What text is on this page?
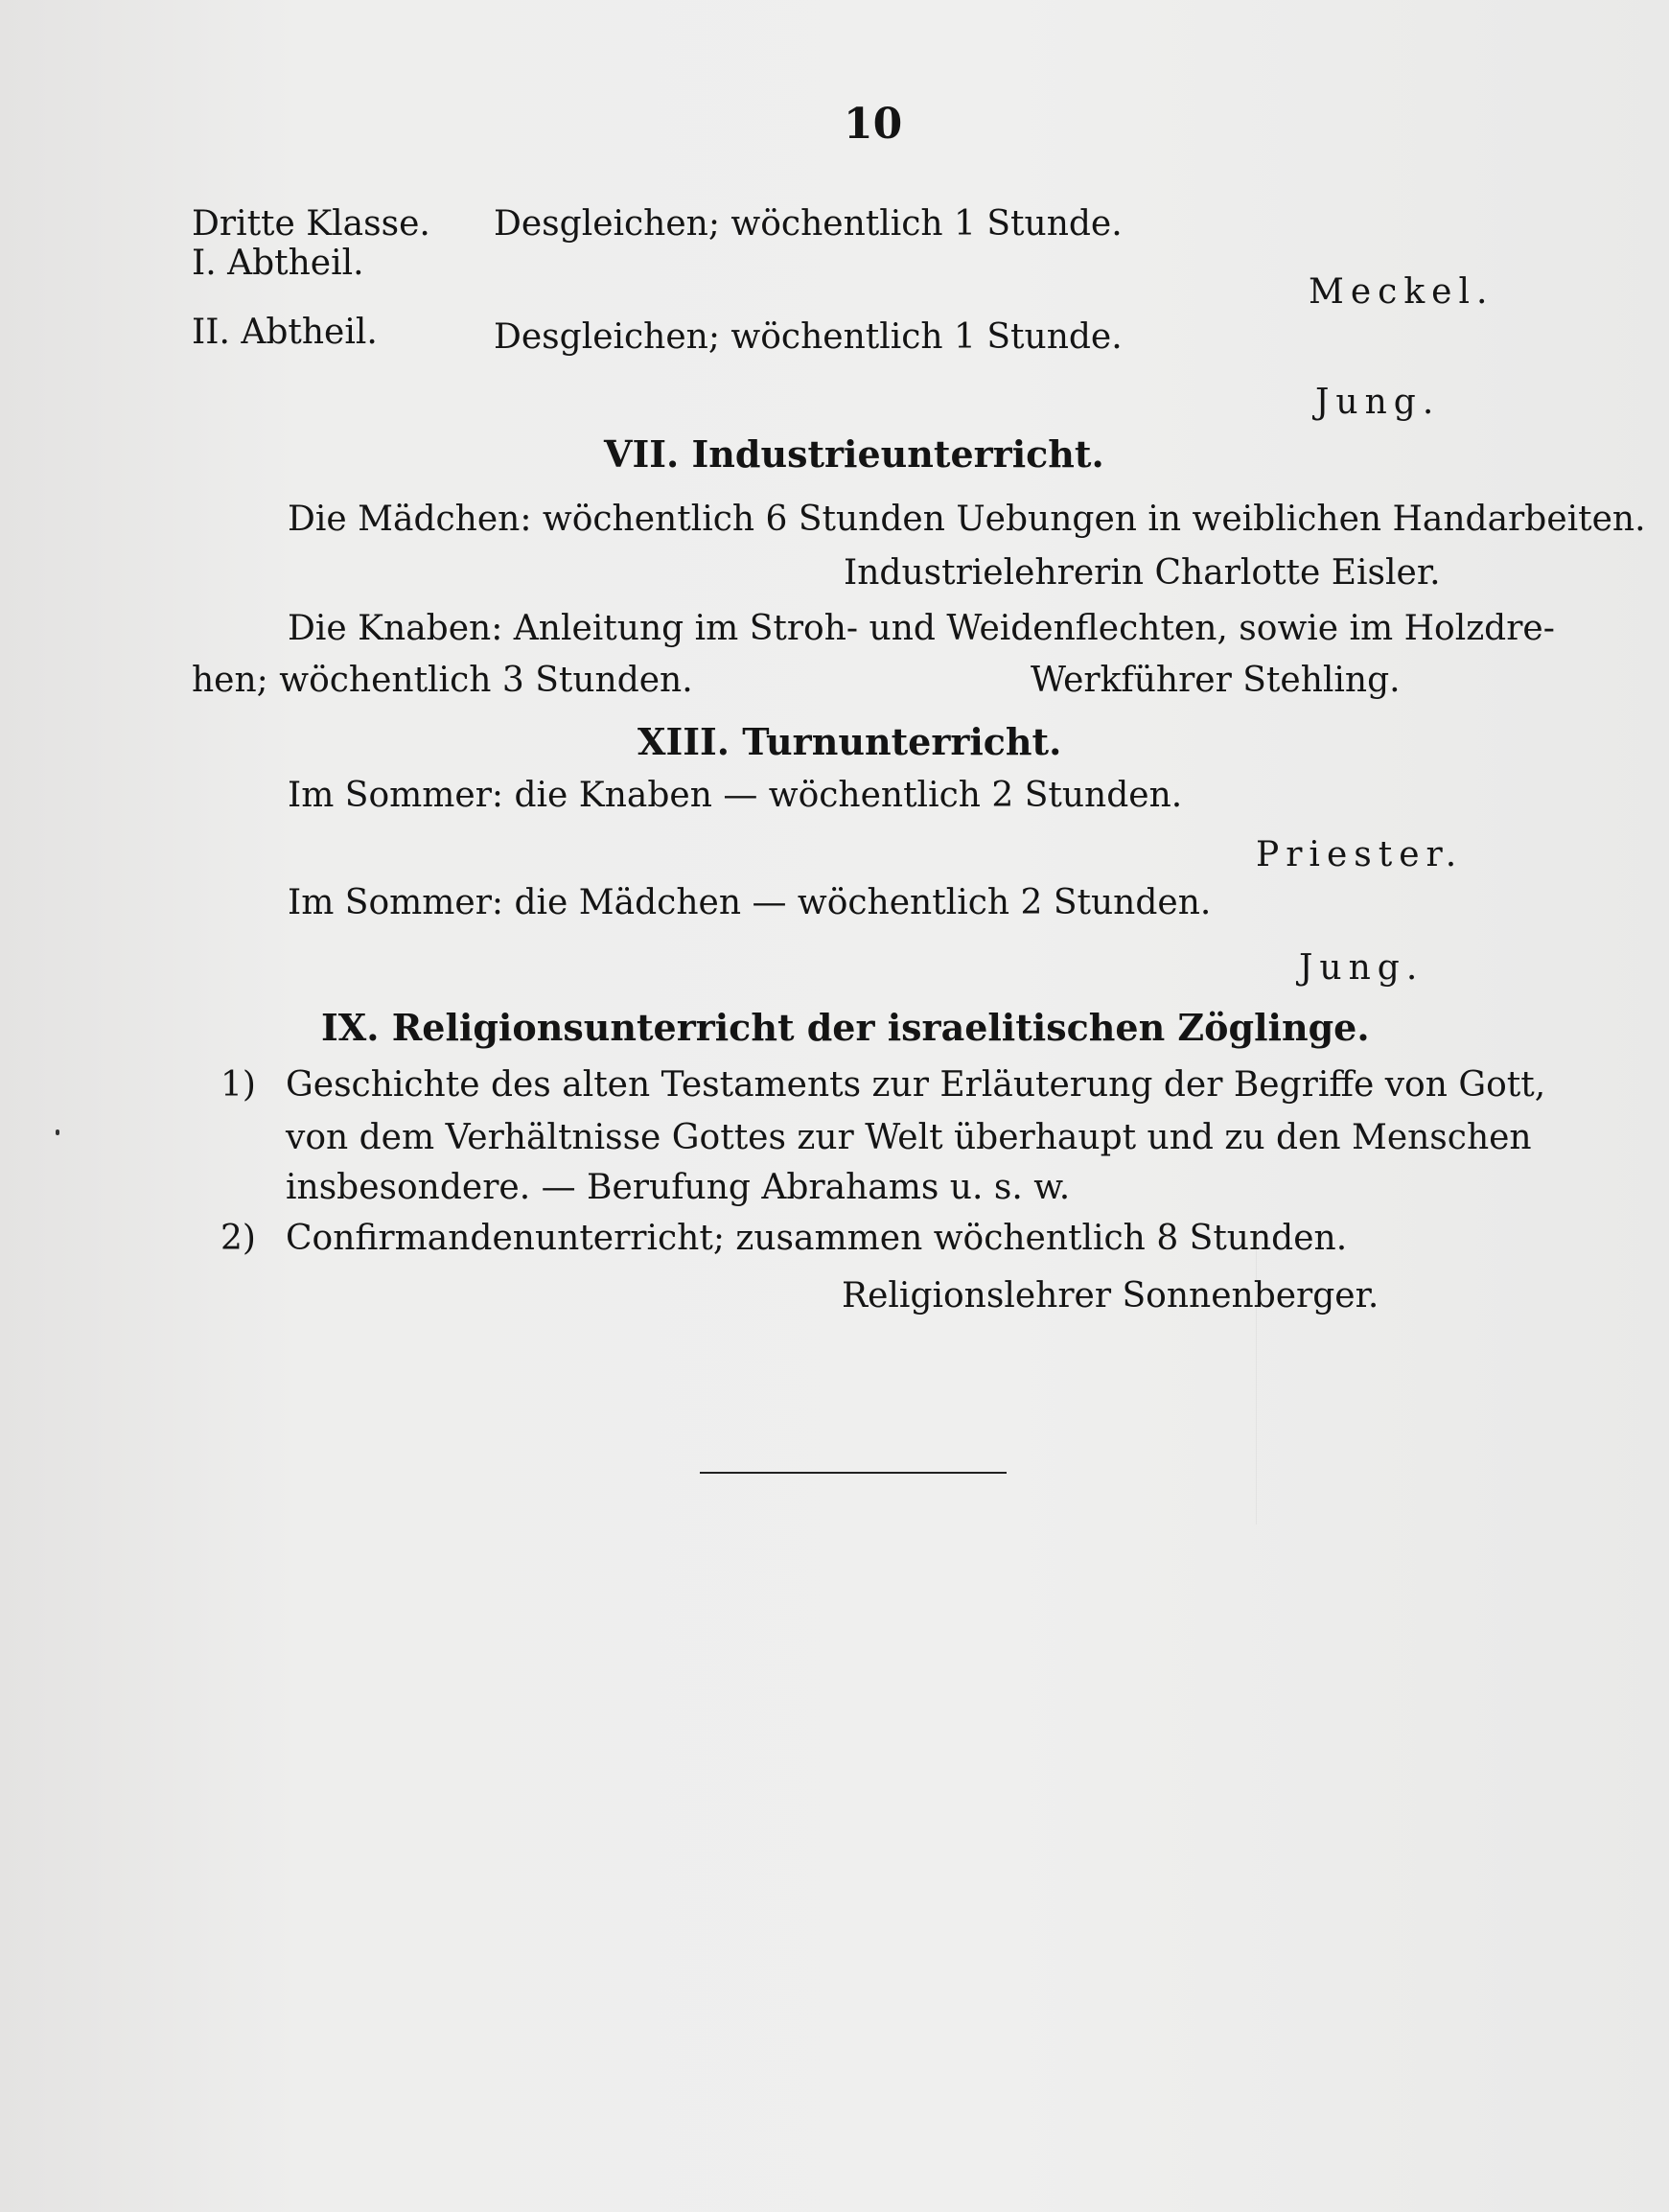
10
Dritte Klasse. Desgleichen; wöchentlich 1 Stunde.
I. Abtheil.
Meckel.
II. Abtheil.	Desgleichen; wöchentlich 1 Stunde.
Jung.
VII. Industrieunterricht.
Die Mädchen: wöchentlich 6 Stunden Uebungen in weiblichen Handarbeiten.
Industrielehrerin Charlotte Eisler.
Die Knaben: Anleitung im Stroh- und Weidenflechten, sowie im Holzdre-
hen; wöchentlich 3 Stunden.	Werkführer Stehling.
XIII. Turnunterricht.
Im Sommer: die Knaben — wöchentlich 2 Stunden.
Priester.
Im Sommer: die Mädchen — wöchentlich 2 Stunden.
Jung.
IX. Religionsunterricht der israelitischen Zöglinge.
1) Geschichte des alten Testaments zur Erläuterung der Begriffe von Gott,
von dem Verhältnisse Gottes zur Welt überhaupt und zu den Menschen
insbesondere. — Berufung Abrahams u. s. w.
2) Confirmandenunterricht; zusammen wöchentlich 8 Stunden.
Religionslehrer Sonnenberger.
